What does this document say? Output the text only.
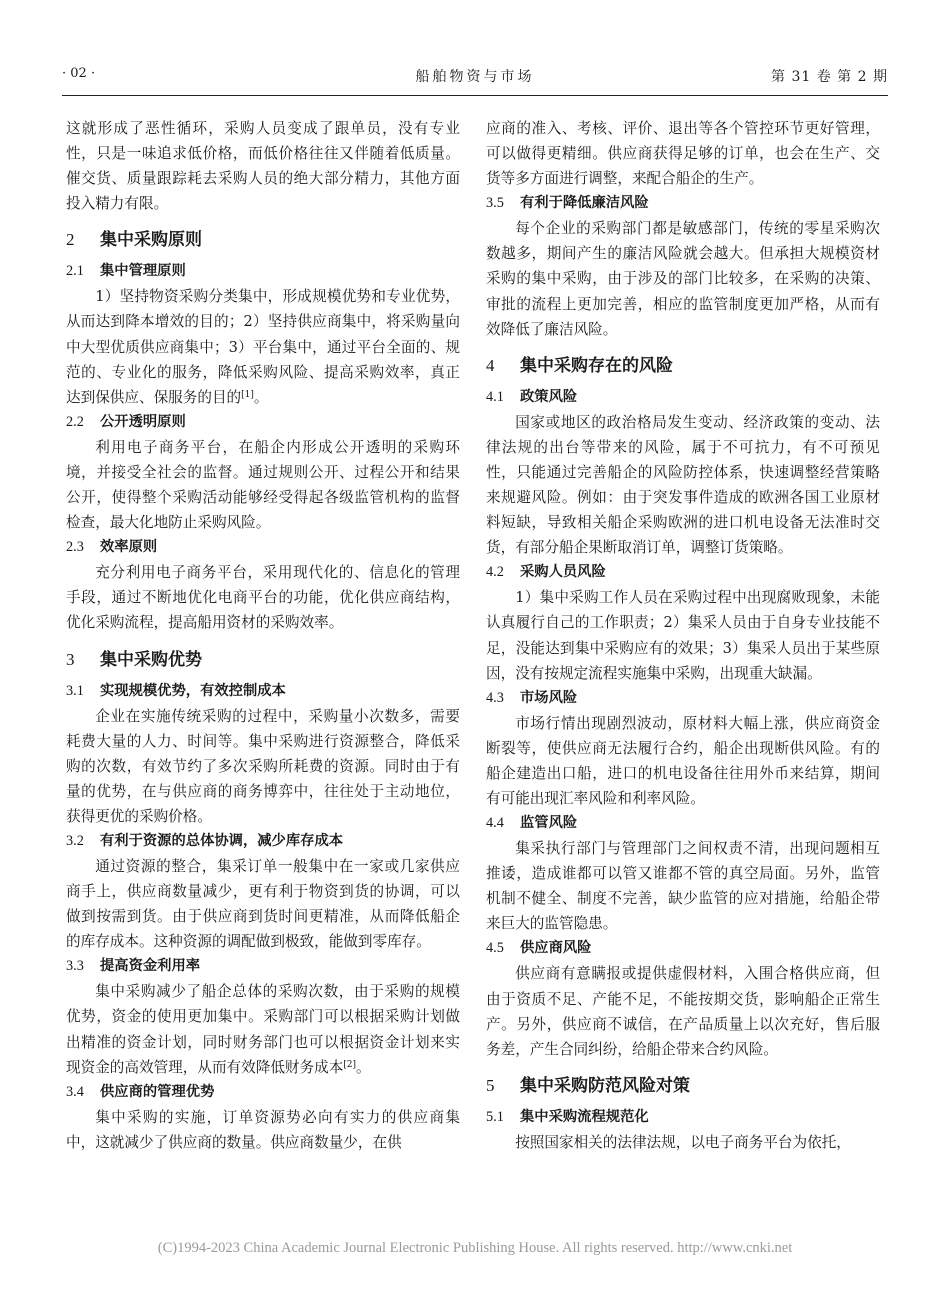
· 02 ·	船舶物资与市场	第 31 卷 第 2 期

这就形成了恶性循环，采购人员变成了跟单员，没有专业性，只是一味追求低价格，而低价格往往又伴随着低质量。催交货、质量跟踪耗去采购人员的绝大部分精力，其他方面投入精力有限。

2 集中采购原则
2.1 集中管理原则

1）坚持物资采购分类集中，形成规模优势和专业优势，从而达到降本增效的目的；2）坚持供应商集中，将采购量向中大型优质供应商集中；3）平台集中，通过平台全面的、规范的、专业化的服务，降低采购风险、提高采购效率，真正达到保供应、保服务的目的[1]。

2.2 公开透明原则

利用电子商务平台，在船企内形成公开透明的采购环境，并接受全社会的监督。通过规则公开、过程公开和结果公开，使得整个采购活动能够经受得起各级监管机构的监督检查，最大化地防止采购风险。

2.3 效率原则

充分利用电子商务平台，采用现代化的、信息化的管理手段，通过不断地优化电商平台的功能，优化供应商结构，优化采购流程，提高船用资材的采购效率。

3 集中采购优势
3.1 实现规模优势，有效控制成本

企业在实施传统采购的过程中，采购量小次数多，需要耗费大量的人力、时间等。集中采购进行资源整合，降低采购的次数，有效节约了多次采购所耗费的资源。同时由于有量的优势，在与供应商的商务博弈中，往往处于主动地位，获得更优的采购价格。

3.2 有利于资源的总体协调，减少库存成本

通过资源的整合，集采订单一般集中在一家或几家供应商手上，供应商数量减少，更有利于物资到货的协调，可以做到按需到货。由于供应商到货时间更精准，从而降低船企的库存成本。这种资源的调配做到极致，能做到零库存。

3.3 提高资金利用率

集中采购减少了船企总体的采购次数，由于采购的规模优势，资金的使用更加集中。采购部门可以根据采购计划做出精准的资金计划，同时财务部门也可以根据资金计划来实现资金的高效管理，从而有效降低财务成本[2]。

3.4 供应商的管理优势

集中采购的实施，订单资源势必向有实力的供应商集中，这就减少了供应商的数量。供应商数量少，在供

应商的准入、考核、评价、退出等各个管控环节更好管理，可以做得更精细。供应商获得足够的订单，也会在生产、交货等多方面进行调整，来配合船企的生产。

3.5 有利于降低廉洁风险

每个企业的采购部门都是敏感部门，传统的零星采购次数越多，期间产生的廉洁风险就会越大。但承担大规模资材采购的集中采购，由于涉及的部门比较多，在采购的决策、审批的流程上更加完善，相应的监管制度更加严格，从而有效降低了廉洁风险。

4 集中采购存在的风险
4.1 政策风险

国家或地区的政治格局发生变动、经济政策的变动、法律法规的出台等带来的风险，属于不可抗力，有不可预见性，只能通过完善船企的风险防控体系，快速调整经营策略来规避风险。例如：由于突发事件造成的欧洲各国工业原材料短缺，导致相关船企采购欧洲的进口机电设备无法准时交货，有部分船企果断取消订单，调整订货策略。

4.2 采购人员风险

1）集中采购工作人员在采购过程中出现腐败现象，未能认真履行自己的工作职责；2）集采人员由于自身专业技能不足，没能达到集中采购应有的效果；3）集采人员出于某些原因，没有按规定流程实施集中采购，出现重大缺漏。

4.3 市场风险

市场行情出现剧烈波动，原材料大幅上涨，供应商资金断裂等，使供应商无法履行合约，船企出现断供风险。有的船企建造出口船，进口的机电设备往往用外币来结算，期间有可能出现汇率风险和利率风险。

4.4 监管风险

集采执行部门与管理部门之间权责不清，出现问题相互推诿，造成谁都可以管又谁都不管的真空局面。另外，监管机制不健全、制度不完善，缺少监管的应对措施，给船企带来巨大的监管隐患。

4.5 供应商风险

供应商有意瞒报或提供虚假材料，入围合格供应商，但由于资质不足、产能不足，不能按期交货，影响船企正常生产。另外，供应商不诚信，在产品质量上以次充好，售后服务差，产生合同纠纷，给船企带来合约风险。

5 集中采购防范风险对策
5.1 集中采购流程规范化

按照国家相关的法律法规，以电子商务平台为依托，

(C)1994-2023 China Academic Journal Electronic Publishing House. All rights reserved. http://www.cnki.net
